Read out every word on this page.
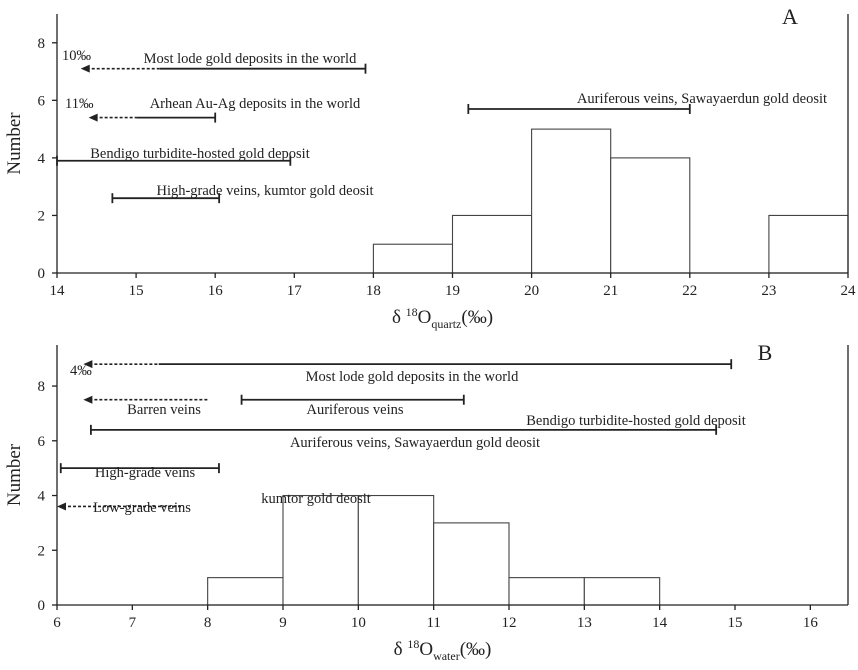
14	15	16	17	18	19	20	21	22	23	24
0
2
4
6
8
Number
δ $^{18}O_{quartz}(‰)$
A
10‰	Most lode gold deposits in the world
11‰	Arhean Au-Ag deposits in the world
Bendigo turbidite-hosted gold deposit
High-grade veins, kumtor gold deosit
Auriferous veins, Sawayaerdun gold deosit
6	7	8	9	10	11	12	13	14	15	16
0
2
4
6
8
Number
δ $^{18}O_{water}(‰)$
B
4‰	Most lode gold deposits in the world
Barren veins	Auriferous veins
Bendigo turbidite-hosted gold deposit
Auriferous veins, Sawayaerdun gold deosit
High-grade veins
Low-grade veins
kumtor gold deosit
